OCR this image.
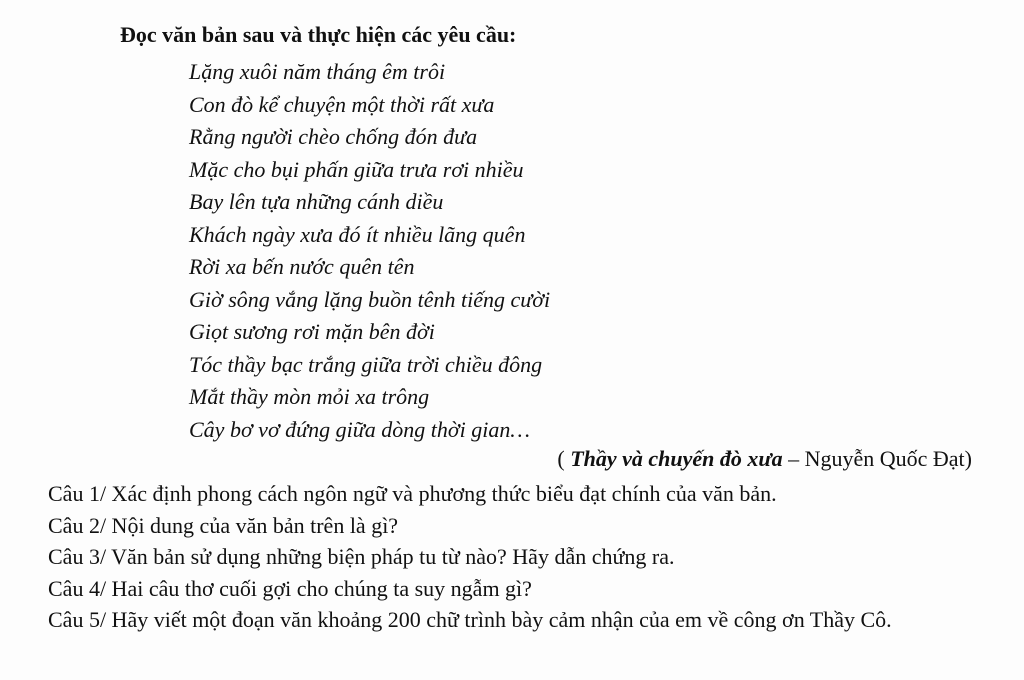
Đọc văn bản sau và thực hiện các yêu cầu:
Lặng xuôi năm tháng êm trôi
Con đò kể chuyện một thời rất xưa
Rằng người chèo chống đón đưa
Mặc cho bụi phấn giữa trưa rơi nhiều
Bay lên tựa những cánh diều
Khách ngày xưa đó ít nhiều lãng quên
Rời xa bến nước quên tên
Giờ sông vắng lặng buồn tênh tiếng cười
Giọt sương rơi mặn bên đời
Tóc thầy bạc trắng giữa trời chiều đông
Mắt thầy mòn mỏi xa trông
Cây bơ vơ đứng giữa dòng thời gian…
( Thầy và chuyến đò xưa – Nguyễn Quốc Đạt)
Câu 1/ Xác định phong cách ngôn ngữ và phương thức biểu đạt chính của văn bản.
Câu 2/ Nội dung của văn bản trên là gì?
Câu 3/ Văn bản sử dụng những biện pháp tu từ nào? Hãy dẫn chứng ra.
Câu 4/ Hai câu thơ cuối gợi cho chúng ta suy ngẫm gì?
Câu 5/ Hãy viết một đoạn văn khoảng 200 chữ trình bày cảm nhận của em về công ơn Thầy Cô.
